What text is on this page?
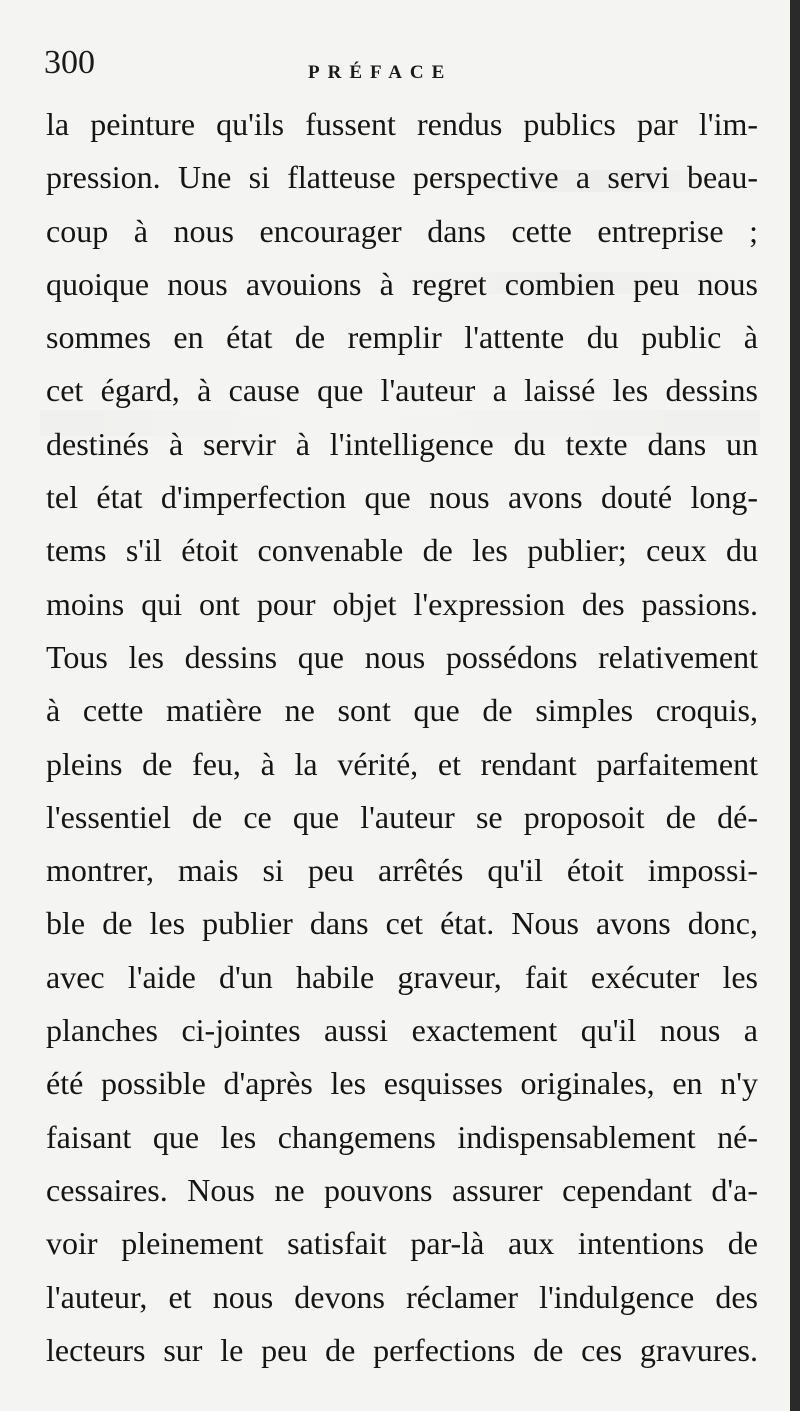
300	PRÉFACE
la peinture qu'ils fussent rendus publics par l'im-
pression. Une si flatteuse perspective a servi beau-
coup à nous encourager dans cette entreprise ;
quoique nous avouions à regret combien peu nous
sommes en état de remplir l'attente du public à
cet égard, à cause que l'auteur a laissé les dessins
destinés à servir à l'intelligence du texte dans un
tel état d'imperfection que nous avons douté long-
tems s'il étoit convenable de les publier; ceux du
moins qui ont pour objet l'expression des passions.
Tous les dessins que nous possédons relativement
à cette matière ne sont que de simples croquis,
pleins de feu, à la vérité, et rendant parfaitement
l'essentiel de ce que l'auteur se proposoit de dé-
montrer, mais si peu arrêtés qu'il étoit impossi-
ble de les publier dans cet état. Nous avons donc,
avec l'aide d'un habile graveur, fait exécuter les
planches ci-jointes aussi exactement qu'il nous a
été possible d'après les esquisses originales, en n'y
faisant que les changemens indispensablement né-
cessaires. Nous ne pouvons assurer cependant d'a-
voir pleinement satisfait par-là aux intentions de
l'auteur, et nous devons réclamer l'indulgence des
lecteurs sur le peu de perfections de ces gravures.
